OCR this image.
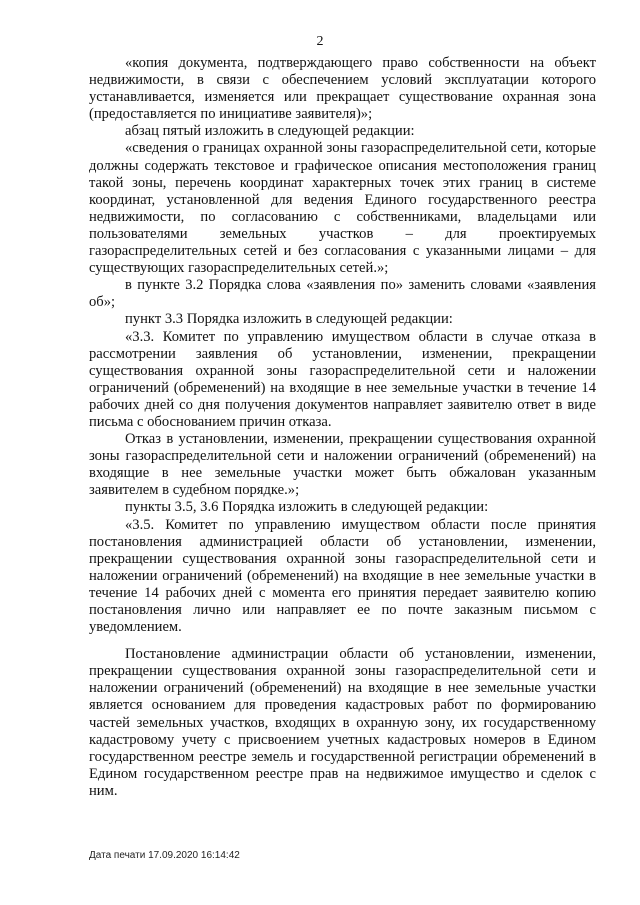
2

«копия документа, подтверждающего право собственности на объект недвижимости, в связи с обеспечением условий эксплуатации которого устанавливается, изменяется или прекращает существование охранная зона (предоставляется по инициативе заявителя)»;

абзац пятый изложить в следующей редакции:

«сведения о границах охранной зоны газораспределительной сети, которые должны содержать текстовое и графическое описания местоположения границ такой зоны, перечень координат характерных точек этих границ в системе координат, установленной для ведения Единого государственного реестра недвижимости, по согласованию с собственниками, владельцами или пользователями земельных участков – для проектируемых газораспределительных сетей и без согласования с указанными лицами – для существующих газораспределительных сетей.»;

в пункте 3.2 Порядка слова «заявления по» заменить словами «заявления об»;

пункт 3.3 Порядка изложить в следующей редакции:

«3.3. Комитет по управлению имуществом области в случае отказа в рассмотрении заявления об установлении, изменении, прекращении существования охранной зоны газораспределительной сети и наложении ограничений (обременений) на входящие в нее земельные участки в течение 14 рабочих дней со дня получения документов направляет заявителю ответ в виде письма с обоснованием причин отказа.

Отказ в установлении, изменении, прекращении существования охранной зоны газораспределительной сети и наложении ограничений (обременений) на входящие в нее земельные участки может быть обжалован указанным заявителем в судебном порядке.»;

пункты 3.5, 3.6 Порядка изложить в следующей редакции:

«3.5. Комитет по управлению имуществом области после принятия постановления администрацией области об установлении, изменении, прекращении существования охранной зоны газораспределительной сети и наложении ограничений (обременений) на входящие в нее земельные участки в течение 14 рабочих дней с момента его принятия передает заявителю копию постановления лично или направляет ее по почте заказным письмом с уведомлением.

Постановление администрации области об установлении, изменении, прекращении существования охранной зоны газораспределительной сети и наложении ограничений (обременений) на входящие в нее земельные участки является основанием для проведения кадастровых работ по формированию частей земельных участков, входящих в охранную зону, их государственному кадастровому учету с присвоением учетных кадастровых номеров в Едином государственном реестре земель и государственной регистрации обременений в Едином государственном реестре прав на недвижимое имущество и сделок с ним.

Дата печати 17.09.2020 16:14:42
